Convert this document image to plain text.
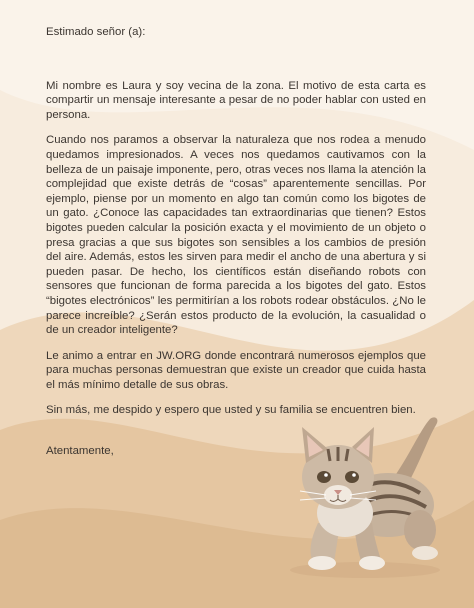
Estimado señor (a):

Mi nombre es Laura y soy vecina de la zona. El motivo de esta carta es compartir un mensaje interesante a pesar de no poder hablar con usted en persona.

Cuando nos paramos a observar la naturaleza que nos rodea a menudo quedamos impresionados. A veces nos quedamos cautivamos con la belleza de un paisaje imponente, pero, otras veces nos llama la atención la complejidad que existe detrás de “cosas” aparentemente sencillas. Por ejemplo, piense por un momento en algo tan común como los bigotes de un gato. ¿Conoce las capacidades tan extraordinarias que tienen? Estos bigotes pueden calcular la posición exacta y el movimiento de un objeto o presa gracias a que sus bigotes son sensibles a los cambios de presión del aire. Además, estos les sirven para medir el ancho de una abertura y si pueden pasar. De hecho, los científicos están diseñando robots con sensores que funcionan de forma parecida a los bigotes del gato. Estos “bigotes electrónicos” les permitirían a los robots rodear obstáculos. ¿No le parece increíble? ¿Serán estos producto de la evolución, la casualidad o de un creador inteligente?

Le animo a entrar en JW.ORG donde encontrará numerosos ejemplos que para muchas personas demuestran que existe un creador que cuida hasta el más mínimo detalle de sus obras.

Sin más, me despido y espero que usted y su familia se encuentren bien.

Atentamente,
